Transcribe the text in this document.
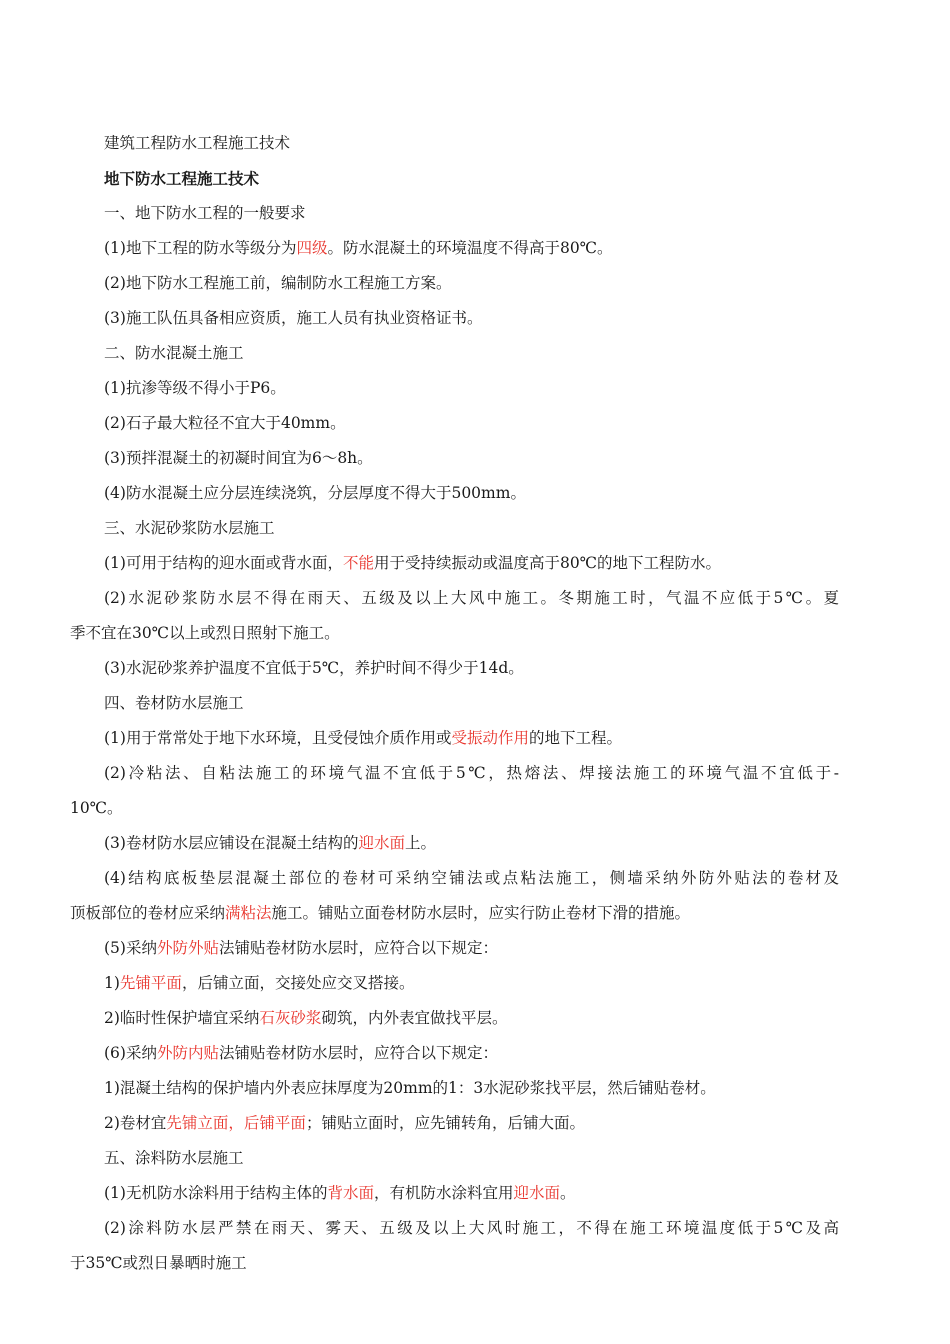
建筑工程防水工程施工技术
地下防水工程施工技术
一、地下防水工程的一般要求
(1)地下工程的防水等级分为四级。防水混凝土的环境温度不得高于80℃。
(2)地下防水工程施工前，编制防水工程施工方案。
(3)施工队伍具备相应资质，施工人员有执业资格证书。
二、防水混凝土施工
(1)抗渗等级不得小于P6。
(2)石子最大粒径不宜大于40mm。
(3)预拌混凝土的初凝时间宜为6～8h。
(4)防水混凝土应分层连续浇筑，分层厚度不得大于500mm。
三、水泥砂浆防水层施工
(1)可用于结构的迎水面或背水面，不能用于受持续振动或温度高于80℃的地下工程防水。
(2)水泥砂浆防水层不得在雨天、五级及以上大风中施工。冬期施工时，气温不应低于5℃。夏
季不宜在30℃以上或烈日照射下施工。
(3)水泥砂浆养护温度不宜低于5℃，养护时间不得少于14d。
四、卷材防水层施工
(1)用于常常处于地下水环境，且受侵蚀介质作用或受振动作用的地下工程。
(2)冷粘法、自粘法施工的环境气温不宜低于5℃，热熔法、焊接法施工的环境气温不宜低于-
10℃。
(3)卷材防水层应铺设在混凝土结构的迎水面上。
(4)结构底板垫层混凝土部位的卷材可采纳空铺法或点粘法施工，侧墙采纳外防外贴法的卷材及
顶板部位的卷材应采纳满粘法施工。铺贴立面卷材防水层时，应实行防止卷材下滑的措施。
(5)采纳外防外贴法铺贴卷材防水层时，应符合以下规定：
1)先铺平面，后铺立面，交接处应交叉搭接。
2)临时性保护墙宜采纳石灰砂浆砌筑，内外表宜做找平层。
(6)采纳外防内贴法铺贴卷材防水层时，应符合以下规定：
1)混凝土结构的保护墙内外表应抹厚度为20mm的1：3水泥砂浆找平层，然后铺贴卷材。
2)卷材宜先铺立面，后铺平面；铺贴立面时，应先铺转角，后铺大面。
五、涂料防水层施工
(1)无机防水涂料用于结构主体的背水面，有机防水涂料宜用迎水面。
(2)涂料防水层严禁在雨天、雾天、五级及以上大风时施工，不得在施工环境温度低于5℃及高
于35℃或烈日暴晒时施工
